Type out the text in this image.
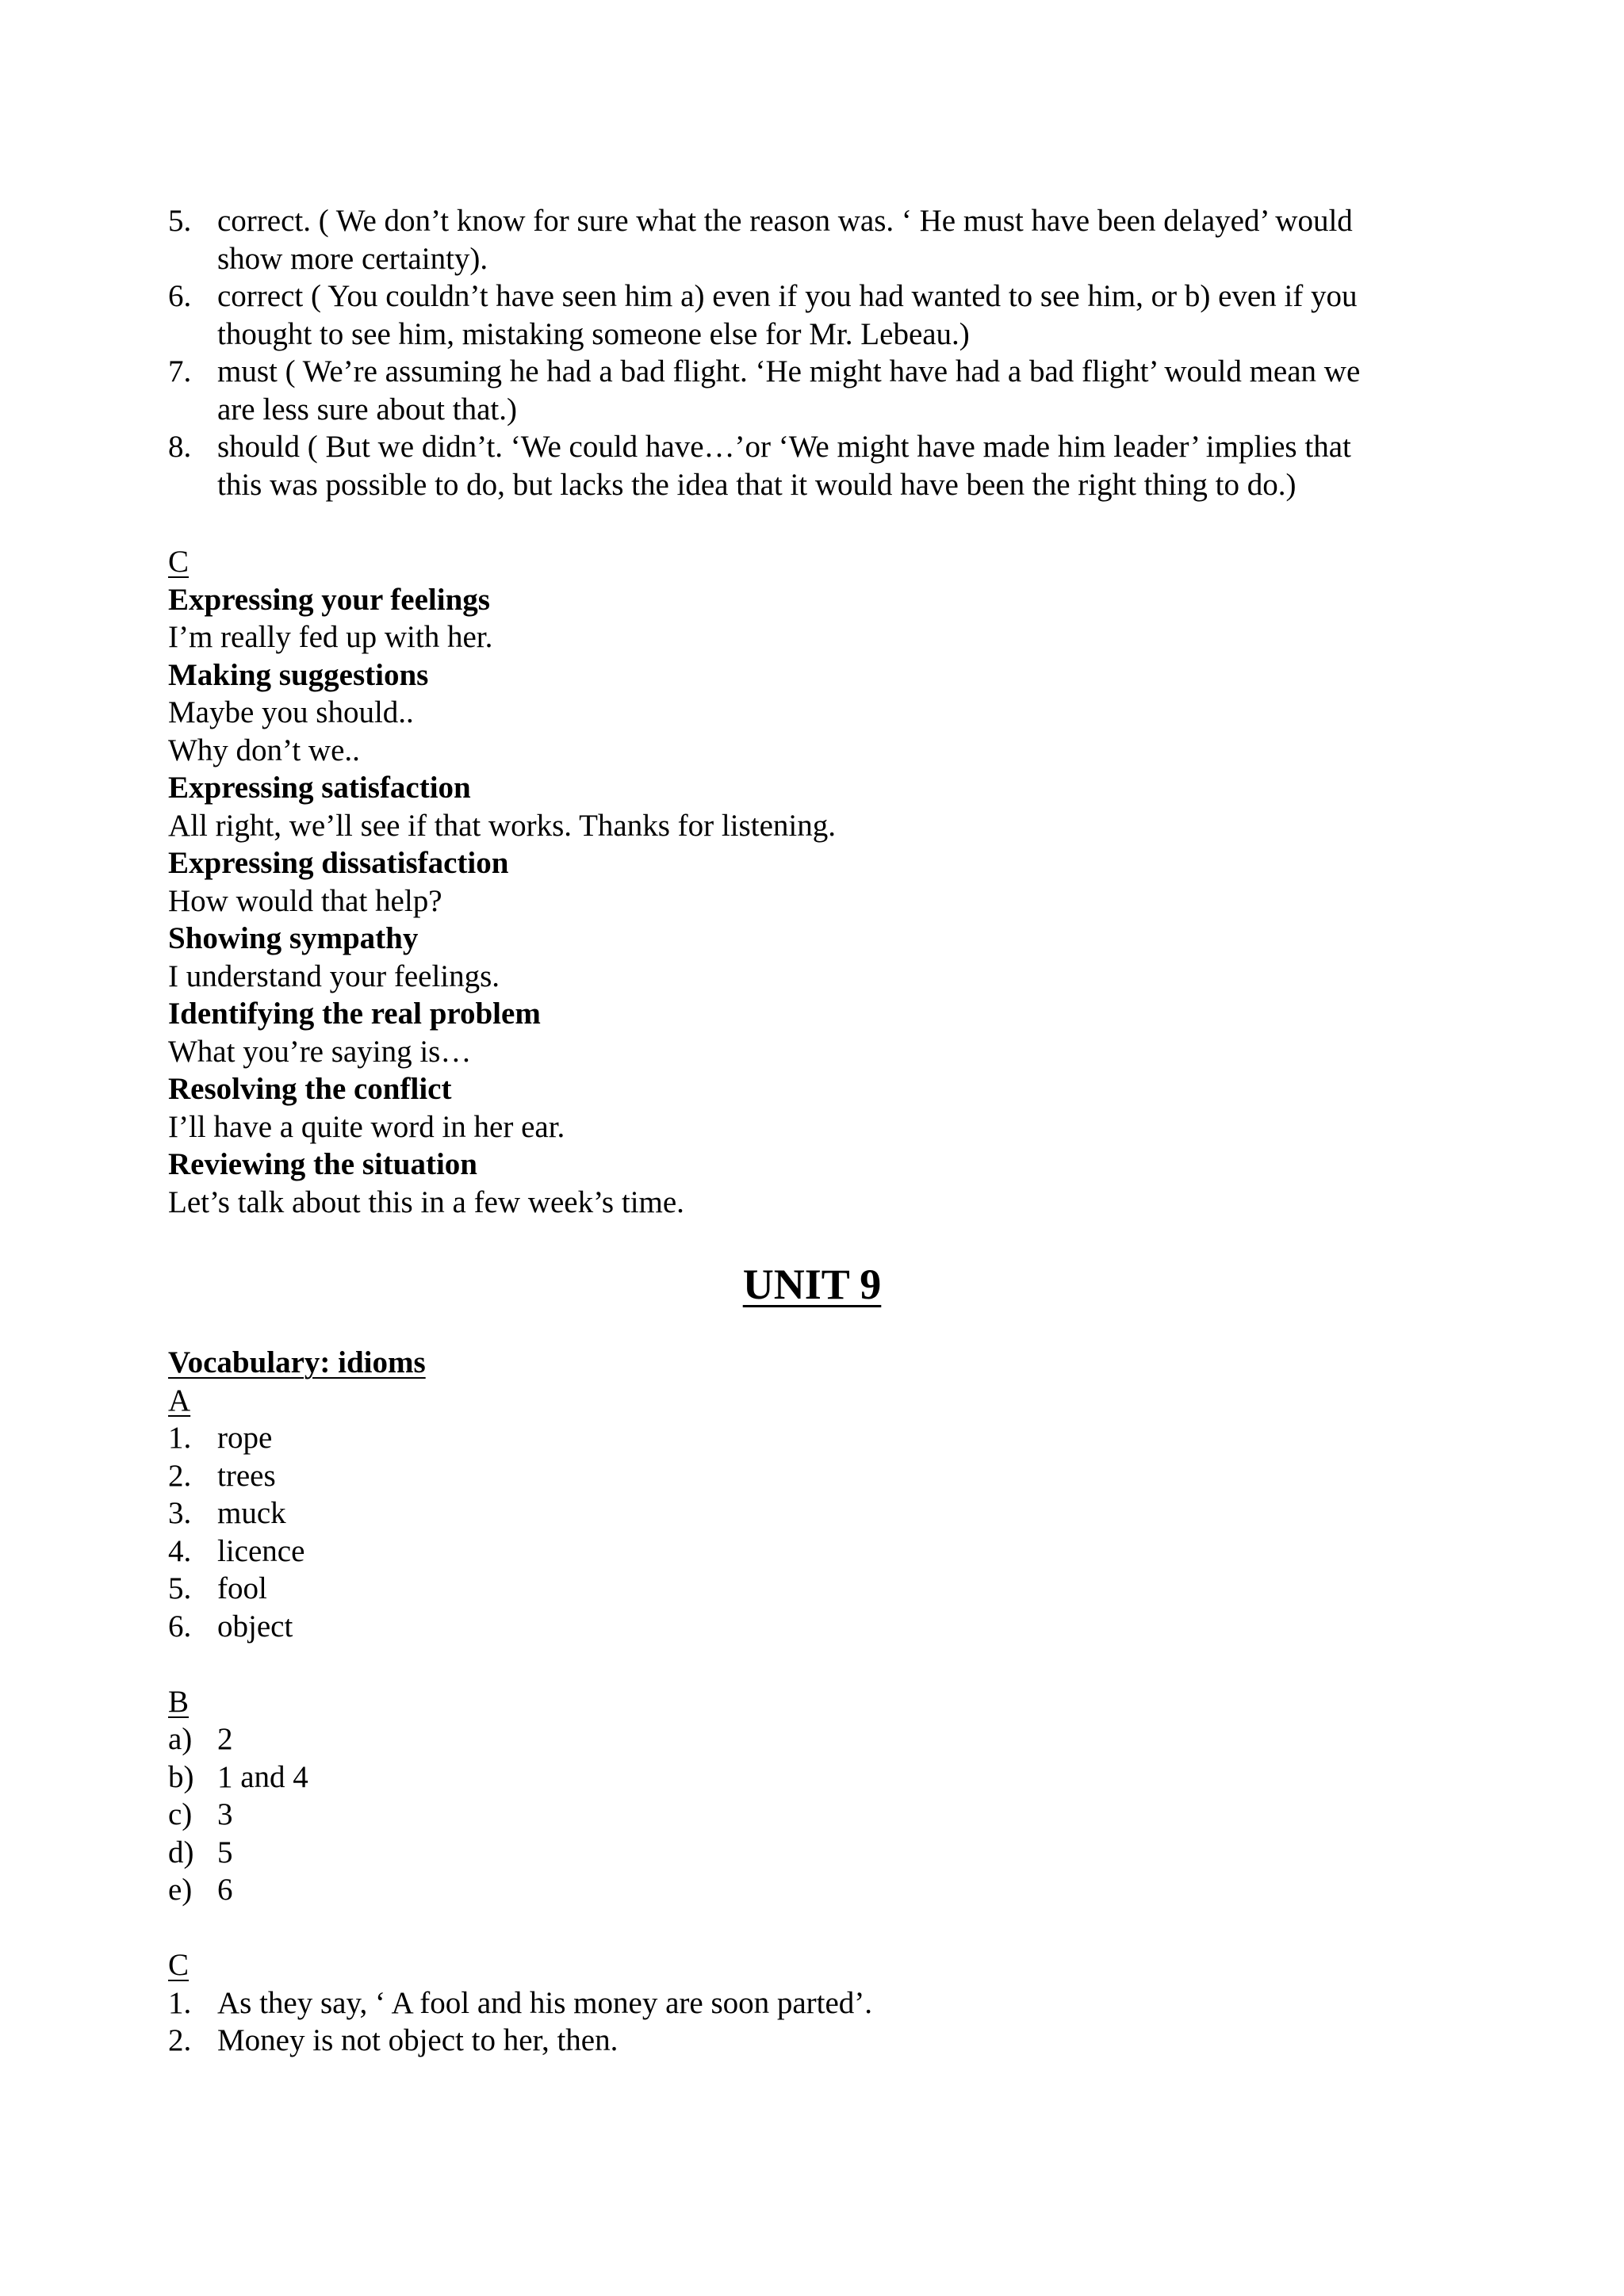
5. correct. ( We don’t know for sure what the reason was. ‘ He must have been delayed’ would
show more certainty).
6. correct ( You couldn’t have seen him a) even if you had wanted to see him, or b) even if you
thought to see him, mistaking someone else for Mr. Lebeau.)
7. must ( We’re assuming he had a bad flight. ‘He might have had a bad flight’ would mean we
are less sure about that.)
8. should ( But we didn’t. ‘We could have…’or ‘We might have made him leader’ implies that
this was possible to do, but lacks the idea that it would have been the right thing to do.)
C
Expressing your feelings
I’m really fed up with her.
Making suggestions
Maybe you should..
Why don’t we..
Expressing satisfaction
All right, we’ll see if that works. Thanks for listening.
Expressing dissatisfaction
How would that help?
Showing sympathy
I understand your feelings.
Identifying the real problem
What you’re saying is…
Resolving the conflict
I’ll have a quite word in her ear.
Reviewing the situation
Let’s talk about this in a few week’s time.
UNIT 9
Vocabulary: idioms
A
1. rope
2. trees
3. muck
4. licence
5. fool
6. object
B
a) 2
b) 1 and 4
c) 3
d) 5
e) 6
C
1. As they say, ‘ A fool and his money are soon parted’.
2. Money is not object to her, then.
